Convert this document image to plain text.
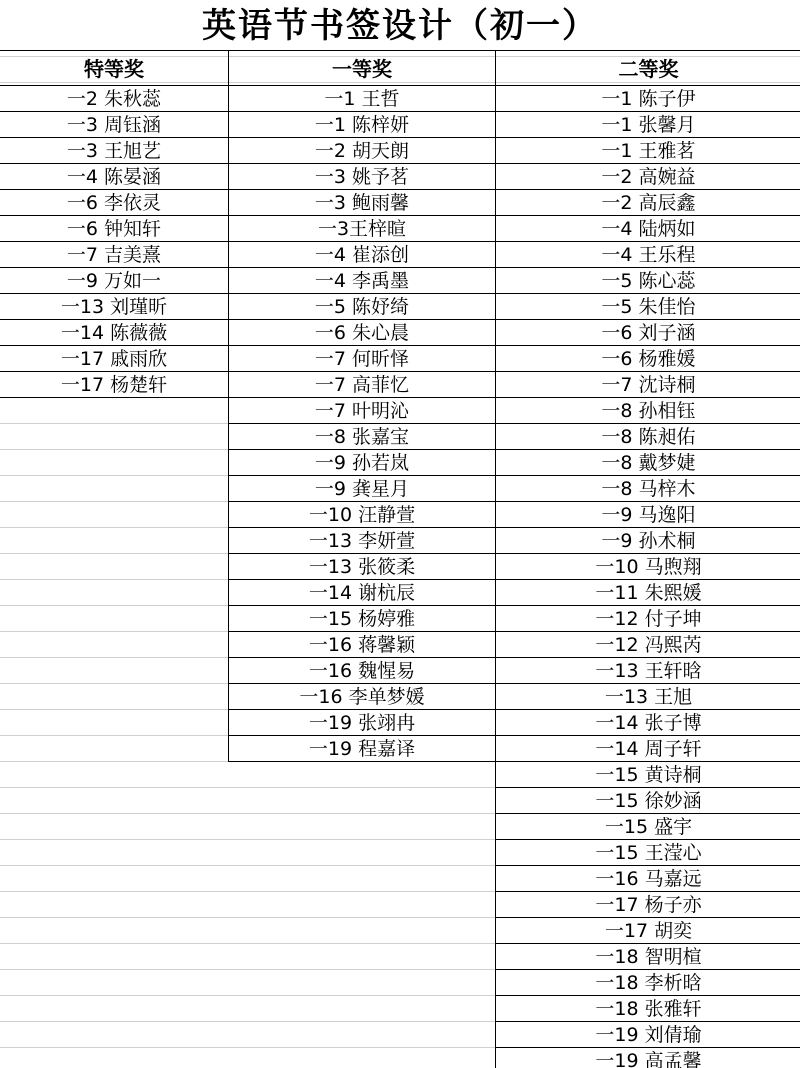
英语节书签设计（初一）
特等奖
一2 朱秋蕊
一3 周钰涵
一3 王旭艺
一4 陈晏涵
一6 李依灵
一6 钟知轩
一7 吉美熹
一9 万如一
一13 刘瑾昕
一14 陈薇薇
一17 戚雨欣
一17 杨楚轩
一等奖
一1 王哲
一1 陈梓妍
一2 胡天朗
一3 姚予茗
一3 鲍雨馨
一3王梓暄
一4 崔添创
一4 李禹墨
一5 陈妤绮
一6 朱心晨
一7 何昕怿
一7 高菲忆
一7 叶明沁
一8 张嘉宝
一9 孙若岚
一9 龚星月
一10 汪静萱
一13 李妍萱
一13 张筱柔
一14 谢杭辰
一15 杨婷雅
一16 蒋馨颖
一16 魏惺易
一16 李单梦媛
一19 张翊冉
一19 程嘉译
二等奖
一1 陈子伊
一1 张馨月
一1 王雅茗
一2 高婉益
一2 高辰鑫
一4 陆炳如
一4 王乐程
一5 陈心蕊
一5 朱佳怡
一6 刘子涵
一6 杨雅媛
一7 沈诗桐
一8 孙相钰
一8 陈昶佑
一8 戴梦婕
一8 马梓木
一9 马逸阳
一9 孙术桐
一10 马煦翔
一11 朱熙媛
一12 付子坤
一12 冯熙芮
一13 王轩晗
一13 王旭
一14 张子博
一14 周子轩
一15 黄诗桐
一15 徐妙涵
一15 盛宇
一15 王滢心
一16 马嘉远
一17 杨子亦
一17 胡奕
一18 智明楦
一18 李析晗
一18 张雅轩
一19 刘倩瑜
一19 高孟馨
